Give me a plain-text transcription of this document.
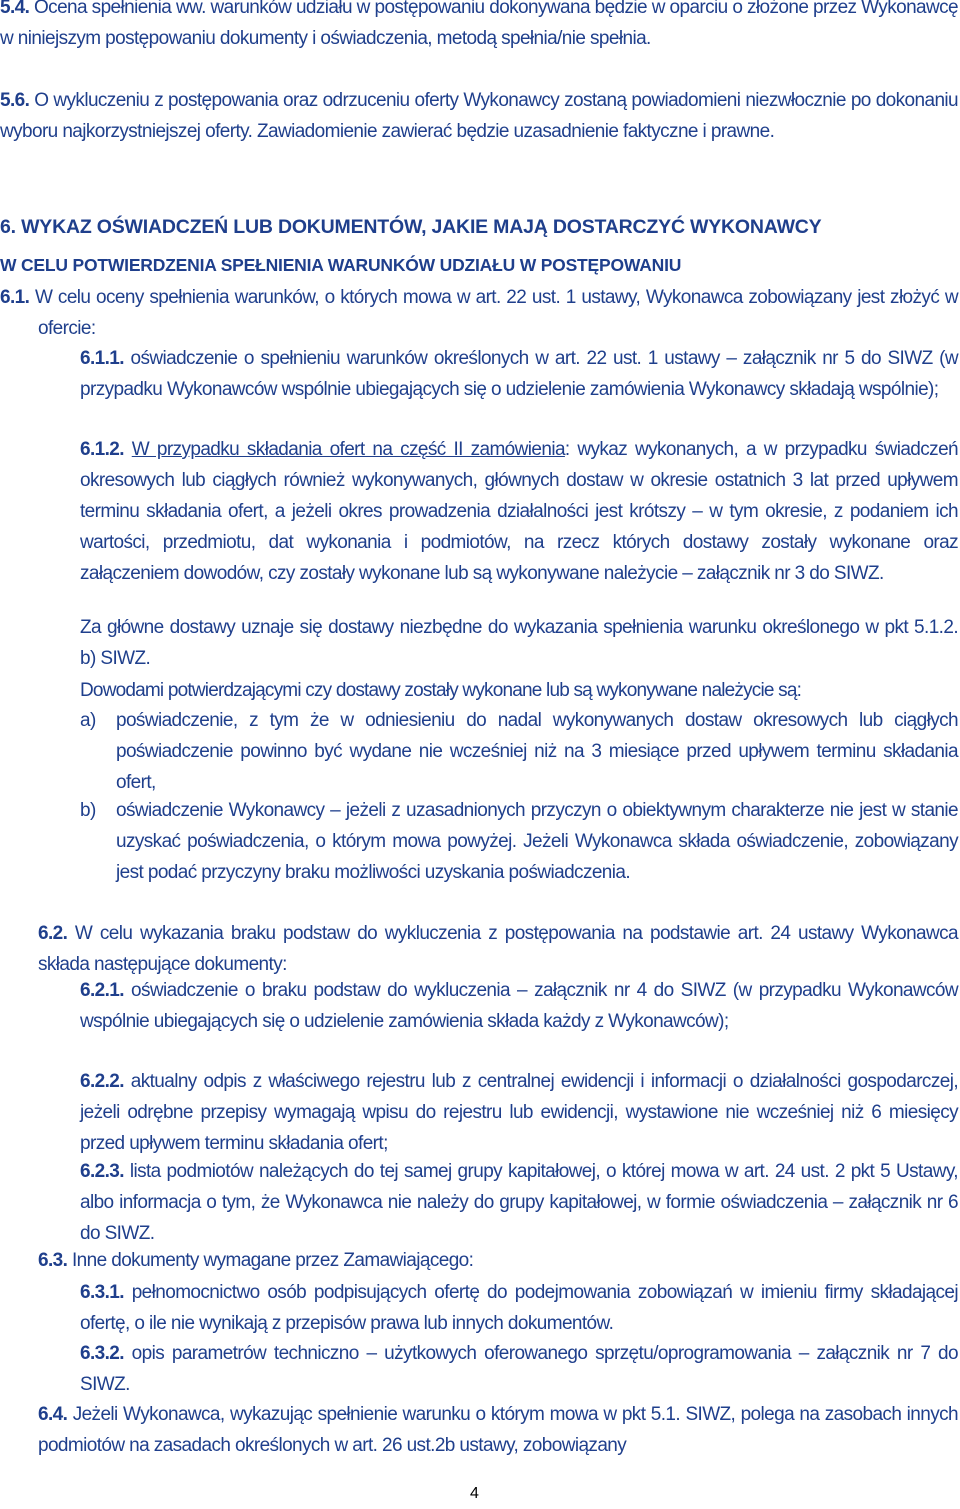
5.4. Ocena spełnienia ww. warunków udziału w postępowaniu dokonywana będzie w oparciu o złożone przez Wykonawcę w niniejszym postępowaniu dokumenty i oświadczenia, metodą spełnia/nie spełnia.

5.6. O wykluczeniu z postępowania oraz odrzuceniu oferty Wykonawcy zostaną powiadomieni niezwłocznie po dokonaniu wyboru najkorzystniejszej oferty. Zawiadomienie zawierać będzie uzasadnienie faktyczne i prawne.

6. WYKAZ OŚWIADCZEŃ LUB DOKUMENTÓW, JAKIE MAJĄ DOSTARCZYĆ WYKONAWCY

W CELU POTWIERDZENIA SPEŁNIENIA WARUNKÓW UDZIAŁU W POSTĘPOWANIU

6.1. W celu oceny spełnienia warunków, o których mowa w art. 22 ust. 1 ustawy, Wykonawca zobowiązany jest złożyć w ofercie:

6.1.1. oświadczenie o spełnieniu warunków określonych w art. 22 ust. 1 ustawy – załącznik nr 5 do SIWZ (w przypadku Wykonawców wspólnie ubiegających się o udzielenie zamówienia Wykonawcy składają wspólnie);

6.1.2. W przypadku składania ofert na część II zamówienia: wykaz wykonanych, a w przypadku świadczeń okresowych lub ciągłych również wykonywanych, głównych dostaw w okresie ostatnich 3 lat przed upływem terminu składania ofert, a jeżeli okres prowadzenia działalności jest krótszy – w tym okresie, z podaniem ich wartości, przedmiotu, dat wykonania i podmiotów, na rzecz których dostawy zostały wykonane oraz załączeniem dowodów, czy zostały wykonane lub są wykonywane należycie – załącznik nr 3 do SIWZ.

Za główne dostawy uznaje się dostawy niezbędne do wykazania spełnienia warunku określonego w pkt 5.1.2. b) SIWZ.

Dowodami potwierdzającymi czy dostawy zostały wykonane lub są wykonywane należycie są:

a) poświadczenie, z tym że w odniesieniu do nadal wykonywanych dostaw okresowych lub ciągłych poświadczenie powinno być wydane nie wcześniej niż na 3 miesiące przed upływem terminu składania ofert,

b) oświadczenie Wykonawcy – jeżeli z uzasadnionych przyczyn o obiektywnym charakterze nie jest w stanie uzyskać poświadczenia, o którym mowa powyżej. Jeżeli Wykonawca składa oświadczenie, zobowiązany jest podać przyczyny braku możliwości uzyskania poświadczenia.

6.2. W celu wykazania braku podstaw do wykluczenia z postępowania na podstawie art. 24 ustawy Wykonawca składa następujące dokumenty:

6.2.1. oświadczenie o braku podstaw do wykluczenia – załącznik nr 4 do SIWZ (w przypadku Wykonawców wspólnie ubiegających się o udzielenie zamówienia składa każdy z Wykonawców);

6.2.2. aktualny odpis z właściwego rejestru lub z centralnej ewidencji i informacji o działalności gospodarczej, jeżeli odrębne przepisy wymagają wpisu do rejestru lub ewidencji, wystawione nie wcześniej niż 6 miesięcy przed upływem terminu składania ofert;

6.2.3. lista podmiotów należących do tej samej grupy kapitałowej, o której mowa w art. 24 ust. 2 pkt 5 Ustawy, albo informacja o tym, że Wykonawca nie należy do grupy kapitałowej, w formie oświadczenia – załącznik nr 6 do SIWZ.

6.3. Inne dokumenty wymagane przez Zamawiającego:

6.3.1. pełnomocnictwo osób podpisujących ofertę do podejmowania zobowiązań w imieniu firmy składającej ofertę, o ile nie wynikają z przepisów prawa lub innych dokumentów.

6.3.2. opis parametrów techniczno – użytkowych oferowanego sprzętu/oprogramowania – załącznik nr 7 do SIWZ.

6.4. Jeżeli Wykonawca, wykazując spełnienie warunku o którym mowa w pkt 5.1. SIWZ, polega na zasobach innych podmiotów na zasadach określonych w art. 26 ust.2b ustawy, zobowiązany

4
